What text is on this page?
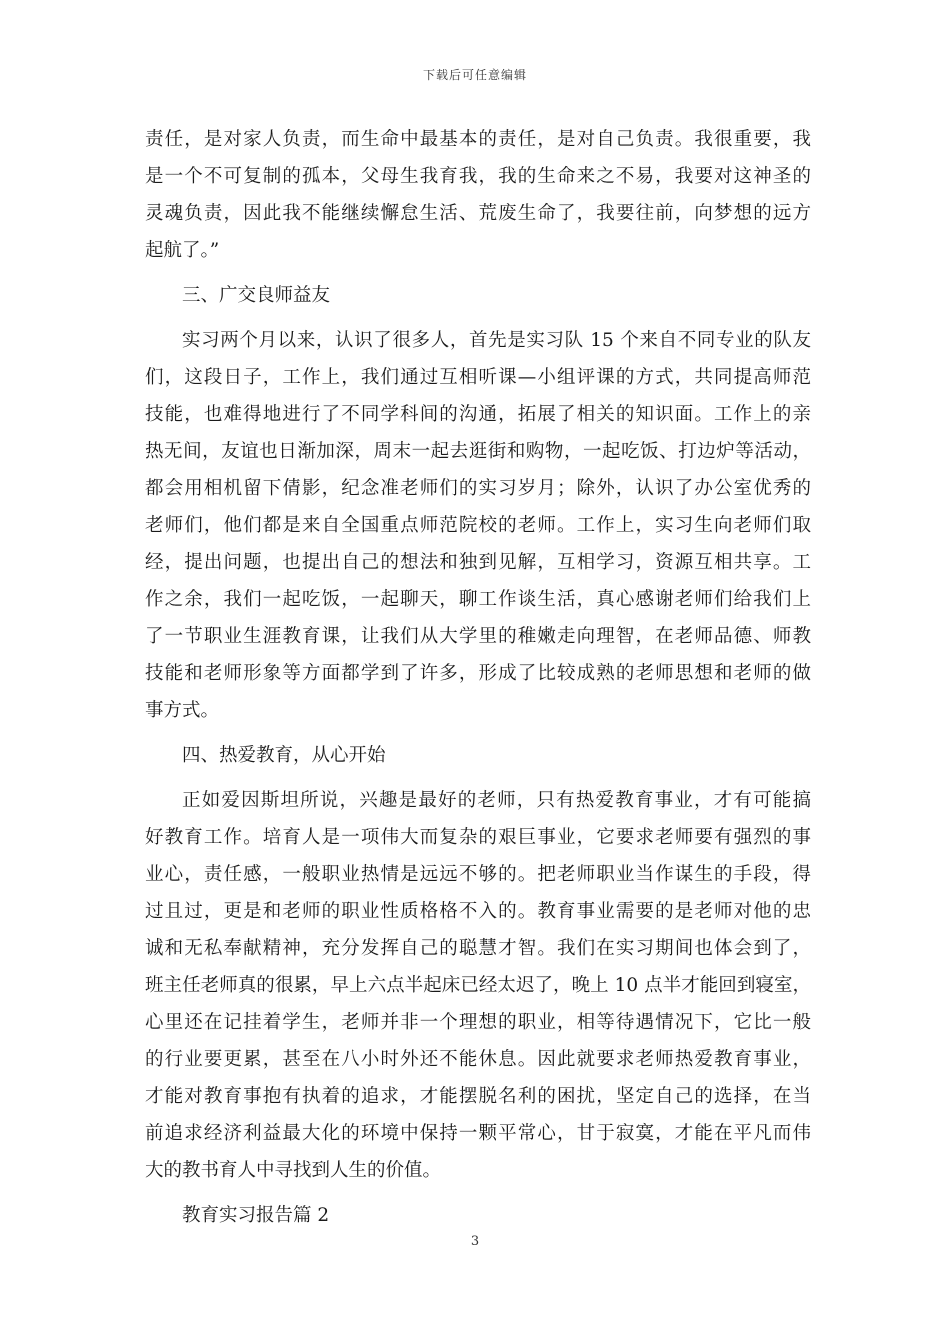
下载后可任意编辑
责任，是对家人负责，而生命中最基本的责任，是对自己负责。我很重要，我
是一个不可复制的孤本，父母生我育我，我的生命来之不易，我要对这神圣的
灵魂负责，因此我不能继续懈怠生活、荒废生命了，我要往前，向梦想的远方
起航了。”
三、广交良师益友
实习两个月以来，认识了很多人，首先是实习队 15 个来自不同专业的队友
们，这段日子，工作上，我们通过互相听课—小组评课的方式，共同提高师范
技能，也难得地进行了不同学科间的沟通，拓展了相关的知识面。工作上的亲
热无间，友谊也日渐加深，周末一起去逛街和购物，一起吃饭、打边炉等活动，
都会用相机留下倩影，纪念准老师们的实习岁月；除外，认识了办公室优秀的
老师们，他们都是来自全国重点师范院校的老师。工作上，实习生向老师们取
经，提出问题，也提出自己的想法和独到见解，互相学习，资源互相共享。工
作之余，我们一起吃饭，一起聊天，聊工作谈生活，真心感谢老师们给我们上
了一节职业生涯教育课，让我们从大学里的稚嫩走向理智，在老师品德、师教
技能和老师形象等方面都学到了许多，形成了比较成熟的老师思想和老师的做
事方式。
四、热爱教育，从心开始
正如爱因斯坦所说，兴趣是最好的老师，只有热爱教育事业，才有可能搞
好教育工作。培育人是一项伟大而复杂的艰巨事业，它要求老师要有强烈的事
业心，责任感，一般职业热情是远远不够的。把老师职业当作谋生的手段，得
过且过，更是和老师的职业性质格格不入的。教育事业需要的是老师对他的忠
诚和无私奉献精神，充分发挥自己的聪慧才智。我们在实习期间也体会到了，
班主任老师真的很累，早上六点半起床已经太迟了，晚上 10 点半才能回到寝室，
心里还在记挂着学生，老师并非一个理想的职业，相等待遇情况下，它比一般
的行业要更累，甚至在八小时外还不能休息。因此就要求老师热爱教育事业，
才能对教育事抱有执着的追求，才能摆脱名利的困扰，坚定自己的选择，在当
前追求经济利益最大化的环境中保持一颗平常心，甘于寂寞，才能在平凡而伟
大的教书育人中寻找到人生的价值。
教育实习报告篇 2
3
